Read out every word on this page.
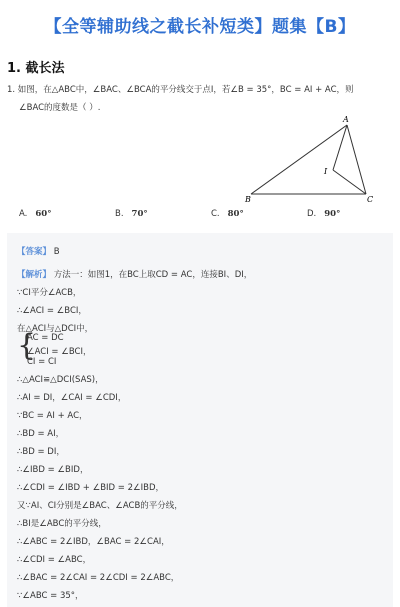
【全等辅助线之截长补短类】题集【B】
1. 截长法
1. 如图，在△ABC中，∠BAC、∠BCA的平分线交于点I，若∠B = 35°，BC = AI + AC，则
∠BAC的度数是（ ）.
A
B	C
I
A. 60°	B. 70°	C. 80°	D. 90°
【答案】 B
【解析】 方法一：如图1，在BC上取CD = AC，连接BI、DI，
∵CI平分∠ACB，
∴∠ACI = ∠BCI，
在△ACI与△DCI中，
{
AC = DC
∠ACI = ∠BCI，
CI = CI
∴△ACI≌△DCI(SAS)，
∴AI = DI，∠CAI = ∠CDI，
∵BC = AI + AC，
∴BD = AI，
∴BD = DI，
∴∠IBD = ∠BID，
∴∠CDI = ∠IBD + ∠BID = 2∠IBD，
又∵AI、CI分别是∠BAC、∠ACB的平分线，
∴BI是∠ABC的平分线，
∴∠ABC = 2∠IBD，∠BAC = 2∠CAI，
∴∠CDI = ∠ABC，
∴∠BAC = 2∠CAI = 2∠CDI = 2∠ABC，
∵∠ABC = 35°，
